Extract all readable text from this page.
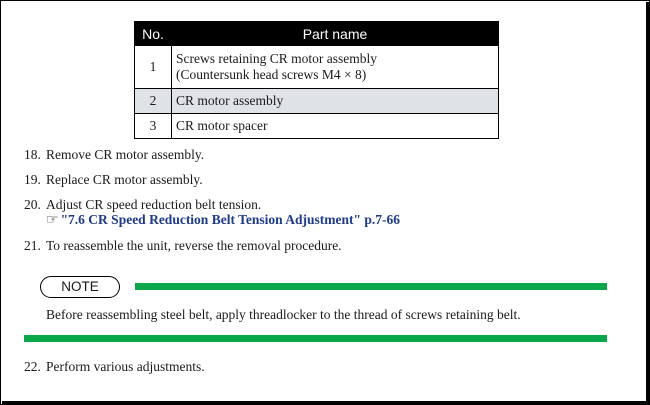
No.	Part name
1	Screws retaining CR motor assembly
(Countersunk head screws M4 × 8)

2	CR motor assembly
3	CR motor spacer
18. Remove CR motor assembly.
19. Replace CR motor assembly.
20. Adjust CR speed reduction belt tension.
☞ "7.6 CR Speed Reduction Belt Tension Adjustment" p.7-66
21. To reassemble the unit, reverse the removal procedure.
NOTE
Before reassembling steel belt, apply threadlocker to the thread of screws retaining belt.
22. Perform various adjustments.
